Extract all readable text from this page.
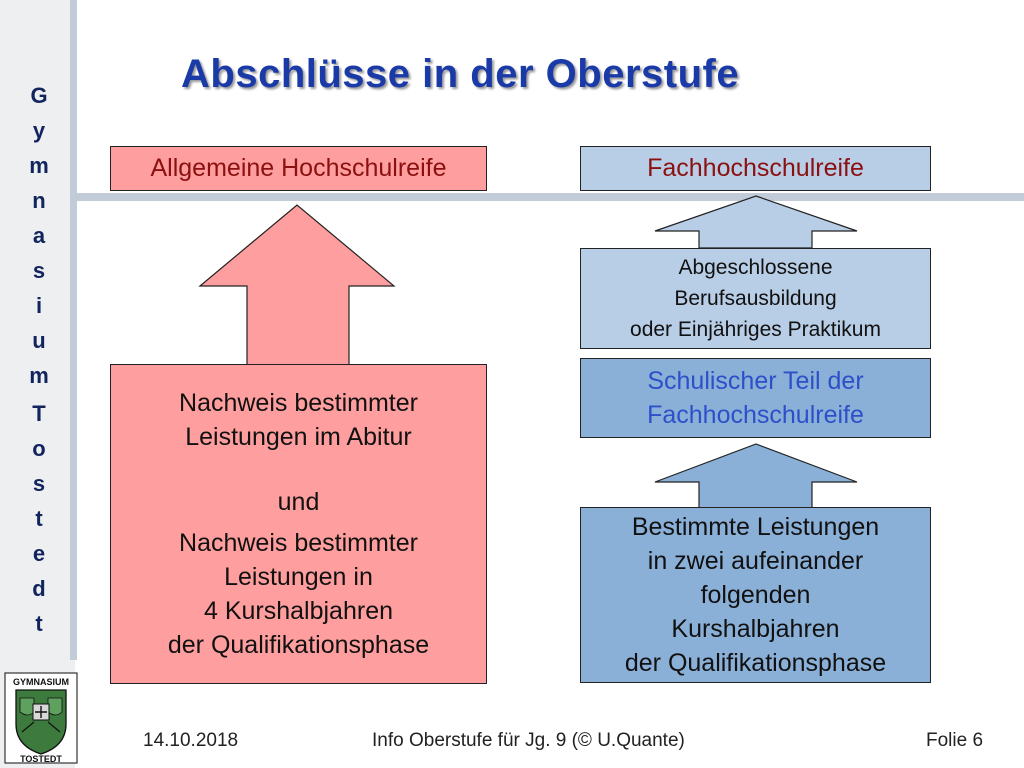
G
y
m
n
a
s
i
u
m
T
o
s
t
e
d
t
Abschlüsse in der Oberstufe
Allgemeine Hochschulreife
Nachweis bestimmter
Leistungen im Abitur
und
Nachweis bestimmter
Leistungen in
4 Kurshalbjahren
der Qualifikationsphase
Fachhochschulreife
Abgeschlossene
Berufsausbildung
oder Einjähriges Praktikum
Schulischer Teil der
Fachhochschulreife
Bestimmte Leistungen
in zwei aufeinander
folgenden
Kurshalbjahren
der Qualifikationsphase
GYMNASIUM
TOSTEDT
14.10.2018	Info Oberstufe für Jg. 9 (© U.Quante)	Folie 6
